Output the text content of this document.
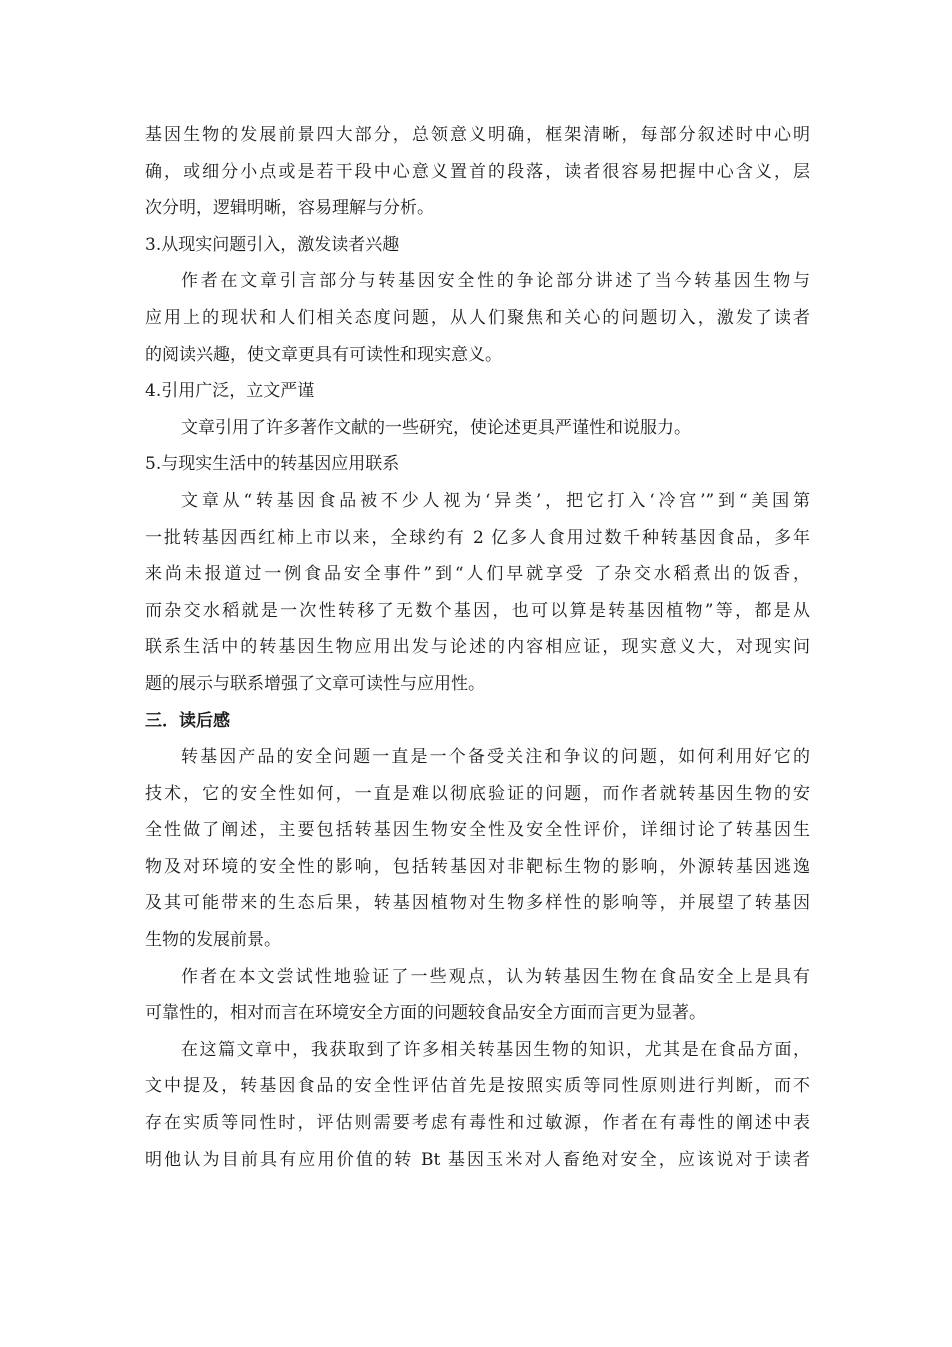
基因生物的发展前景四大部分，总领意义明确，框架清晰，每部分叙述时中心明
确，或细分小点或是若干段中心意义置首的段落，读者很容易把握中心含义，层
次分明，逻辑明晰，容易理解与分析。
3.从现实问题引入，激发读者兴趣
作者在文章引言部分与转基因安全性的争论部分讲述了当今转基因生物与
应用上的现状和人们相关态度问题，从人们聚焦和关心的问题切入，激发了读者
的阅读兴趣，使文章更具有可读性和现实意义。
4.引用广泛，立文严谨
文章引用了许多著作文献的一些研究，使论述更具严谨性和说服力。
5.与现实生活中的转基因应用联系
文章从“转基因食品被不少人视为‘异类’，把它打入‘冷宫’”到“美国第
一批转基因西红柿上市以来，全球约有 2 亿多人食用过数千种转基因食品，多年
来尚未报道过一例食品安全事件”到“人们早就享受 了杂交水稻煮出的饭香，
而杂交水稻就是一次性转移了无数个基因，也可以算是转基因植物”等，都是从
联系生活中的转基因生物应用出发与论述的内容相应证，现实意义大，对现实问
题的展示与联系增强了文章可读性与应用性。
三．读后感
转基因产品的安全问题一直是一个备受关注和争议的问题，如何利用好它的
技术，它的安全性如何，一直是难以彻底验证的问题，而作者就转基因生物的安
全性做了阐述，主要包括转基因生物安全性及安全性评价，详细讨论了转基因生
物及对环境的安全性的影响，包括转基因对非靶标生物的影响，外源转基因逃逸
及其可能带来的生态后果，转基因植物对生物多样性的影响等，并展望了转基因
生物的发展前景。
作者在本文尝试性地验证了一些观点，认为转基因生物在食品安全上是具有
可靠性的，相对而言在环境安全方面的问题较食品安全方面而言更为显著。
在这篇文章中，我获取到了许多相关转基因生物的知识，尤其是在食品方面，
文中提及，转基因食品的安全性评估首先是按照实质等同性原则进行判断，而不
存在实质等同性时，评估则需要考虑有毒性和过敏源，作者在有毒性的阐述中表
明他认为目前具有应用价值的转 Bt 基因玉米对人畜绝对安全，应该说对于读者
